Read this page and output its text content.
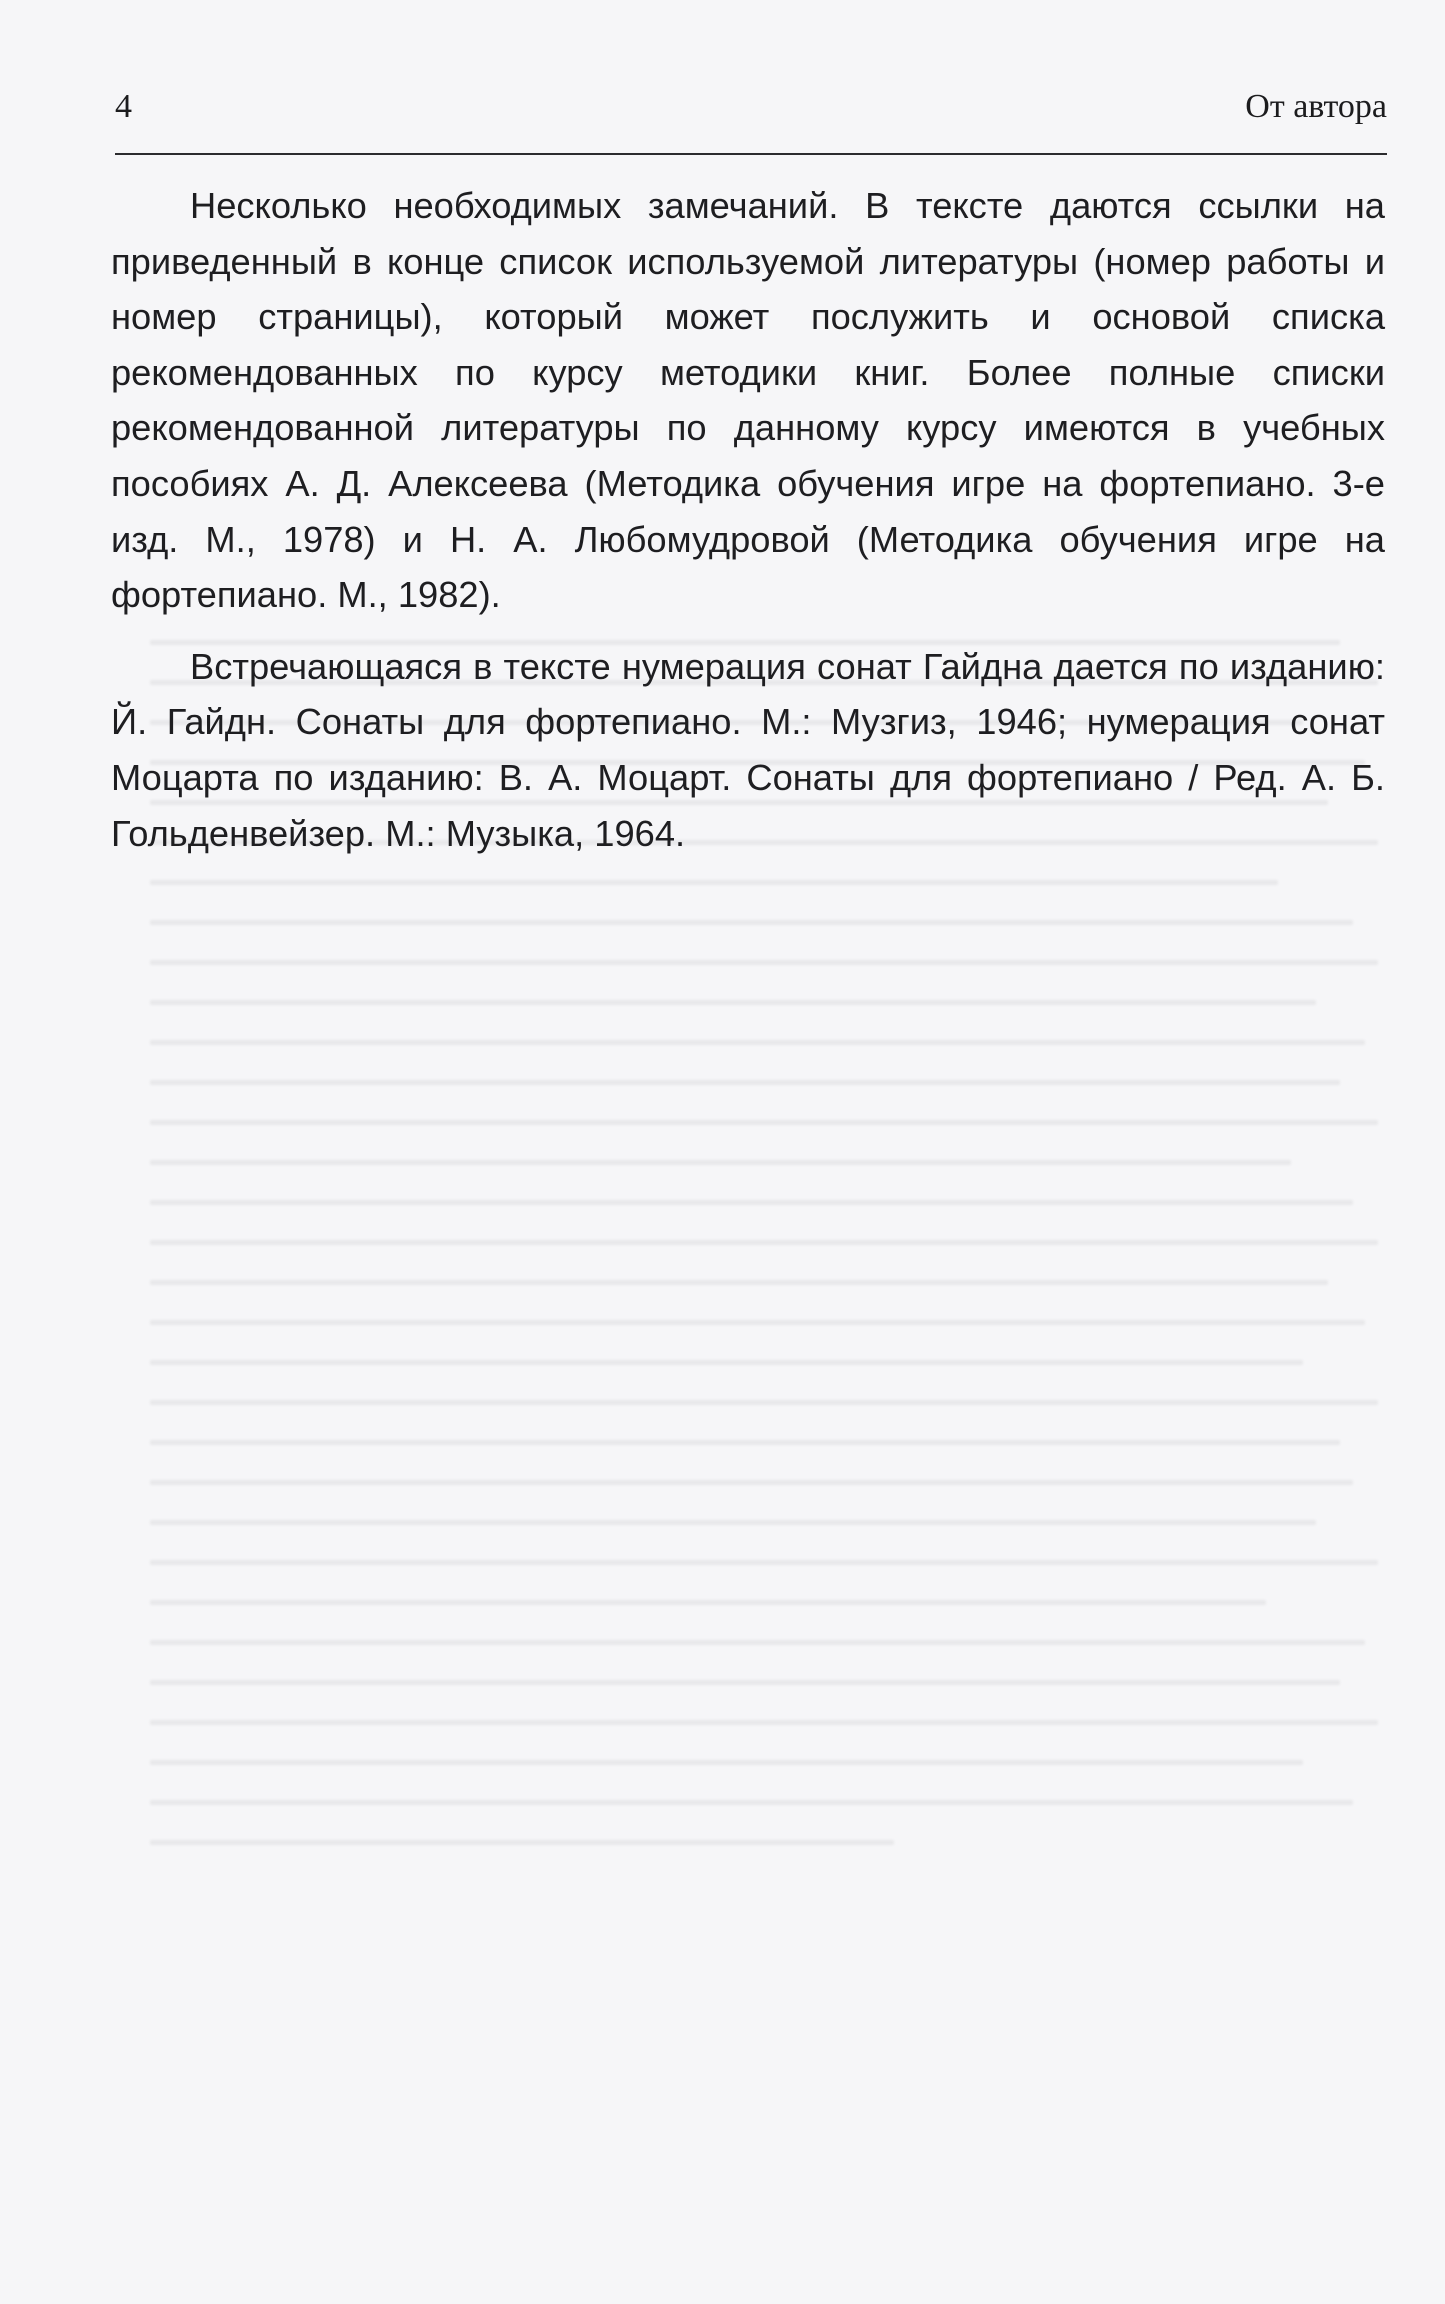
4	От автора

Несколько необходимых замечаний. В тексте даются ссылки на приведенный в конце список используемой литературы (номер работы и номер страницы), который может послужить и основой списка рекомендованных по курсу методики книг. Более полные списки рекомендованной литературы по данному курсу имеются в учебных пособиях А. Д. Алексеева (Методика обучения игре на фортепиано. 3-е изд. М., 1978) и Н. А. Любомудровой (Методика обучения игре на фортепиано. М., 1982).

Встречающаяся в тексте нумерация сонат Гайдна дается по изданию: Й. Гайдн. Сонаты для фортепиано. М.: Музгиз, 1946; нумерация сонат Моцарта по изданию: В. А. Моцарт. Сонаты для фортепиано / Ред. А. Б. Гольденвейзер. М.: Музыка, 1964.
